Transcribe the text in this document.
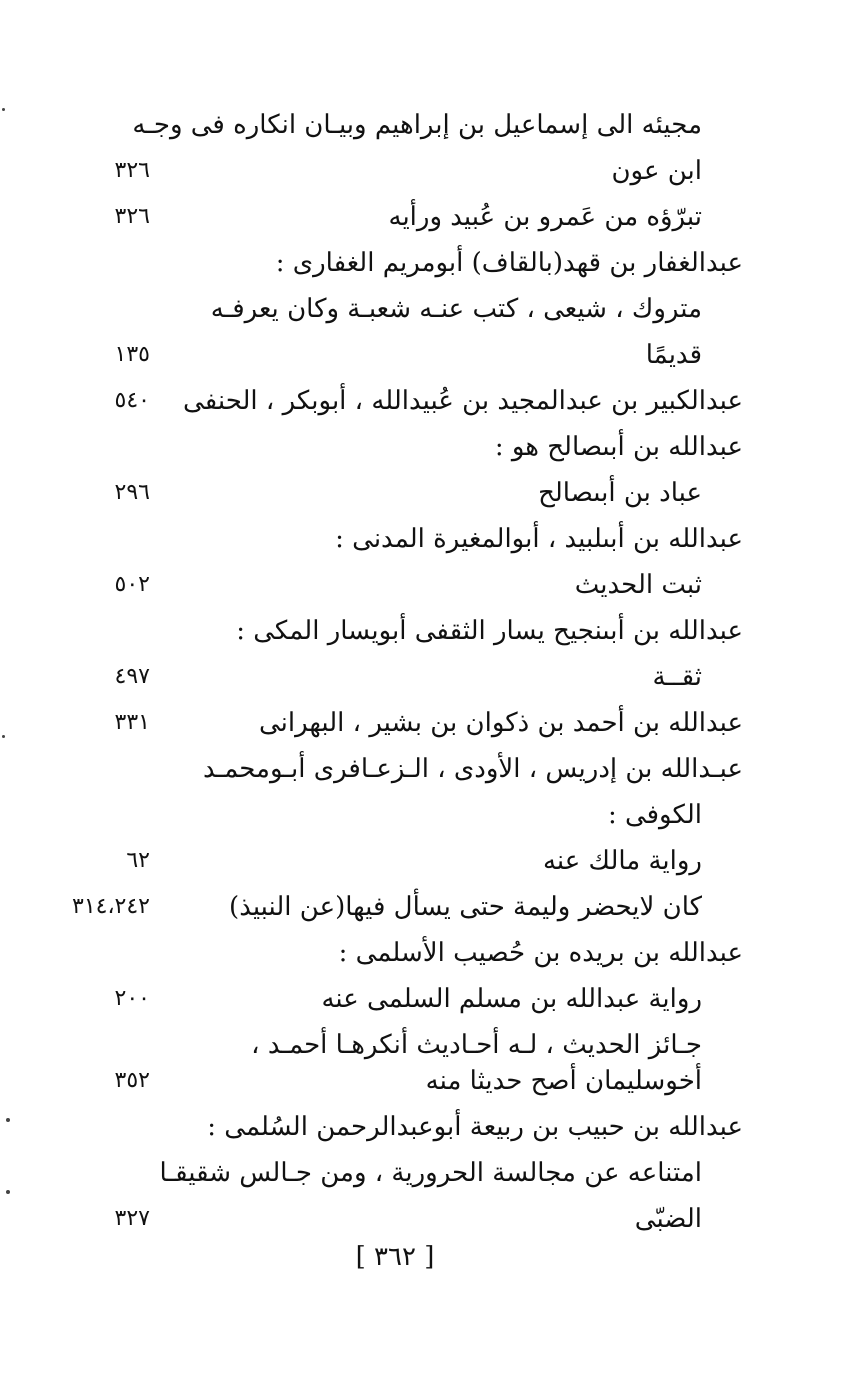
مجيئه الى إسماعيل بن إبراهيم وبيـان انكاره فى وجـه
ابن عون
٣٢٦
تبرّؤه من عَمرو بن عُبيد ورأيه
٣٢٦
عبدالغفار بن قهد(بالقاف) أبومريم الغفارى :
متروك ، شيعى ، كتب عنـه شعبـة وكان يعرفـه
قديمًا
١٣٥
عبدالكبير بن عبدالمجيد بن عُبيدالله ، أبوبكر ، الحنفى
٥٤٠
عبدالله بن أبىصالح هو :
عباد بن أبىصالح
٢٩٦
عبدالله بن أبىلبيد ، أبوالمغيرة المدنى :
ثبت الحديث
٥٠٢
عبدالله بن أبىنجيح يسار الثقفى أبويسار المكى :
ثقــة
٤٩٧
عبدالله بن أحمد بن ذكوان بن بشير ، البهرانى
٣٣١
عبـدالله بن إدريس ، الأودى ، الـزعـافرى أبـومحمـد
الكوفى :
رواية مالك عنه
٦٢
كان لايحضر وليمة حتى يسأل فيها(عن النبيذ)
٣١٤،٢٤٢
عبدالله بن بريده بن حُصيب الأسلمى :
رواية عبدالله بن مسلم السلمى عنه
٢٠٠
جـائز الحديث ، لـه أحـاديث أنكرهـا أحمـد ،
أخوسليمان أصح حديثا منه
٣٥٢
عبدالله بن حبيب بن ربيعة أبوعبدالرحمن السُلمى :
امتناعه عن مجالسة الحرورية ، ومن جـالس شقيقـا
الضبّى
٣٢٧
[ ٣٦٢ ]
